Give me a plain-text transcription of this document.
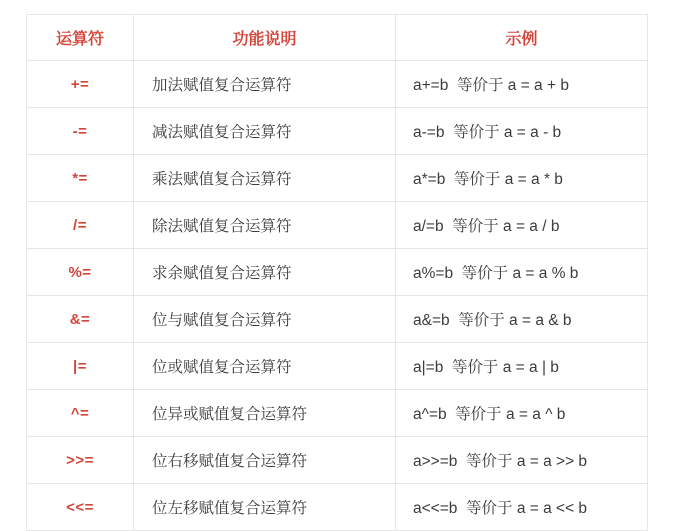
运算符	功能说明	示例
+=	加法赋值复合运算符	a+=b  等价于 a = a + b
-=	减法赋值复合运算符	a-=b  等价于 a = a - b
*=	乘法赋值复合运算符	a*=b  等价于 a = a * b
/=	除法赋值复合运算符	a/=b  等价于 a = a / b
%=	求余赋值复合运算符	a%=b  等价于 a = a % b
&=	位与赋值复合运算符	a&=b  等价于 a = a & b
|=	位或赋值复合运算符	a|=b  等价于 a = a | b
^=	位异或赋值复合运算符	a^=b  等价于 a = a ^ b
>>=	位右移赋值复合运算符	a>>=b  等价于 a = a >> b
<<=	位左移赋值复合运算符	a<<=b  等价于 a = a << b
